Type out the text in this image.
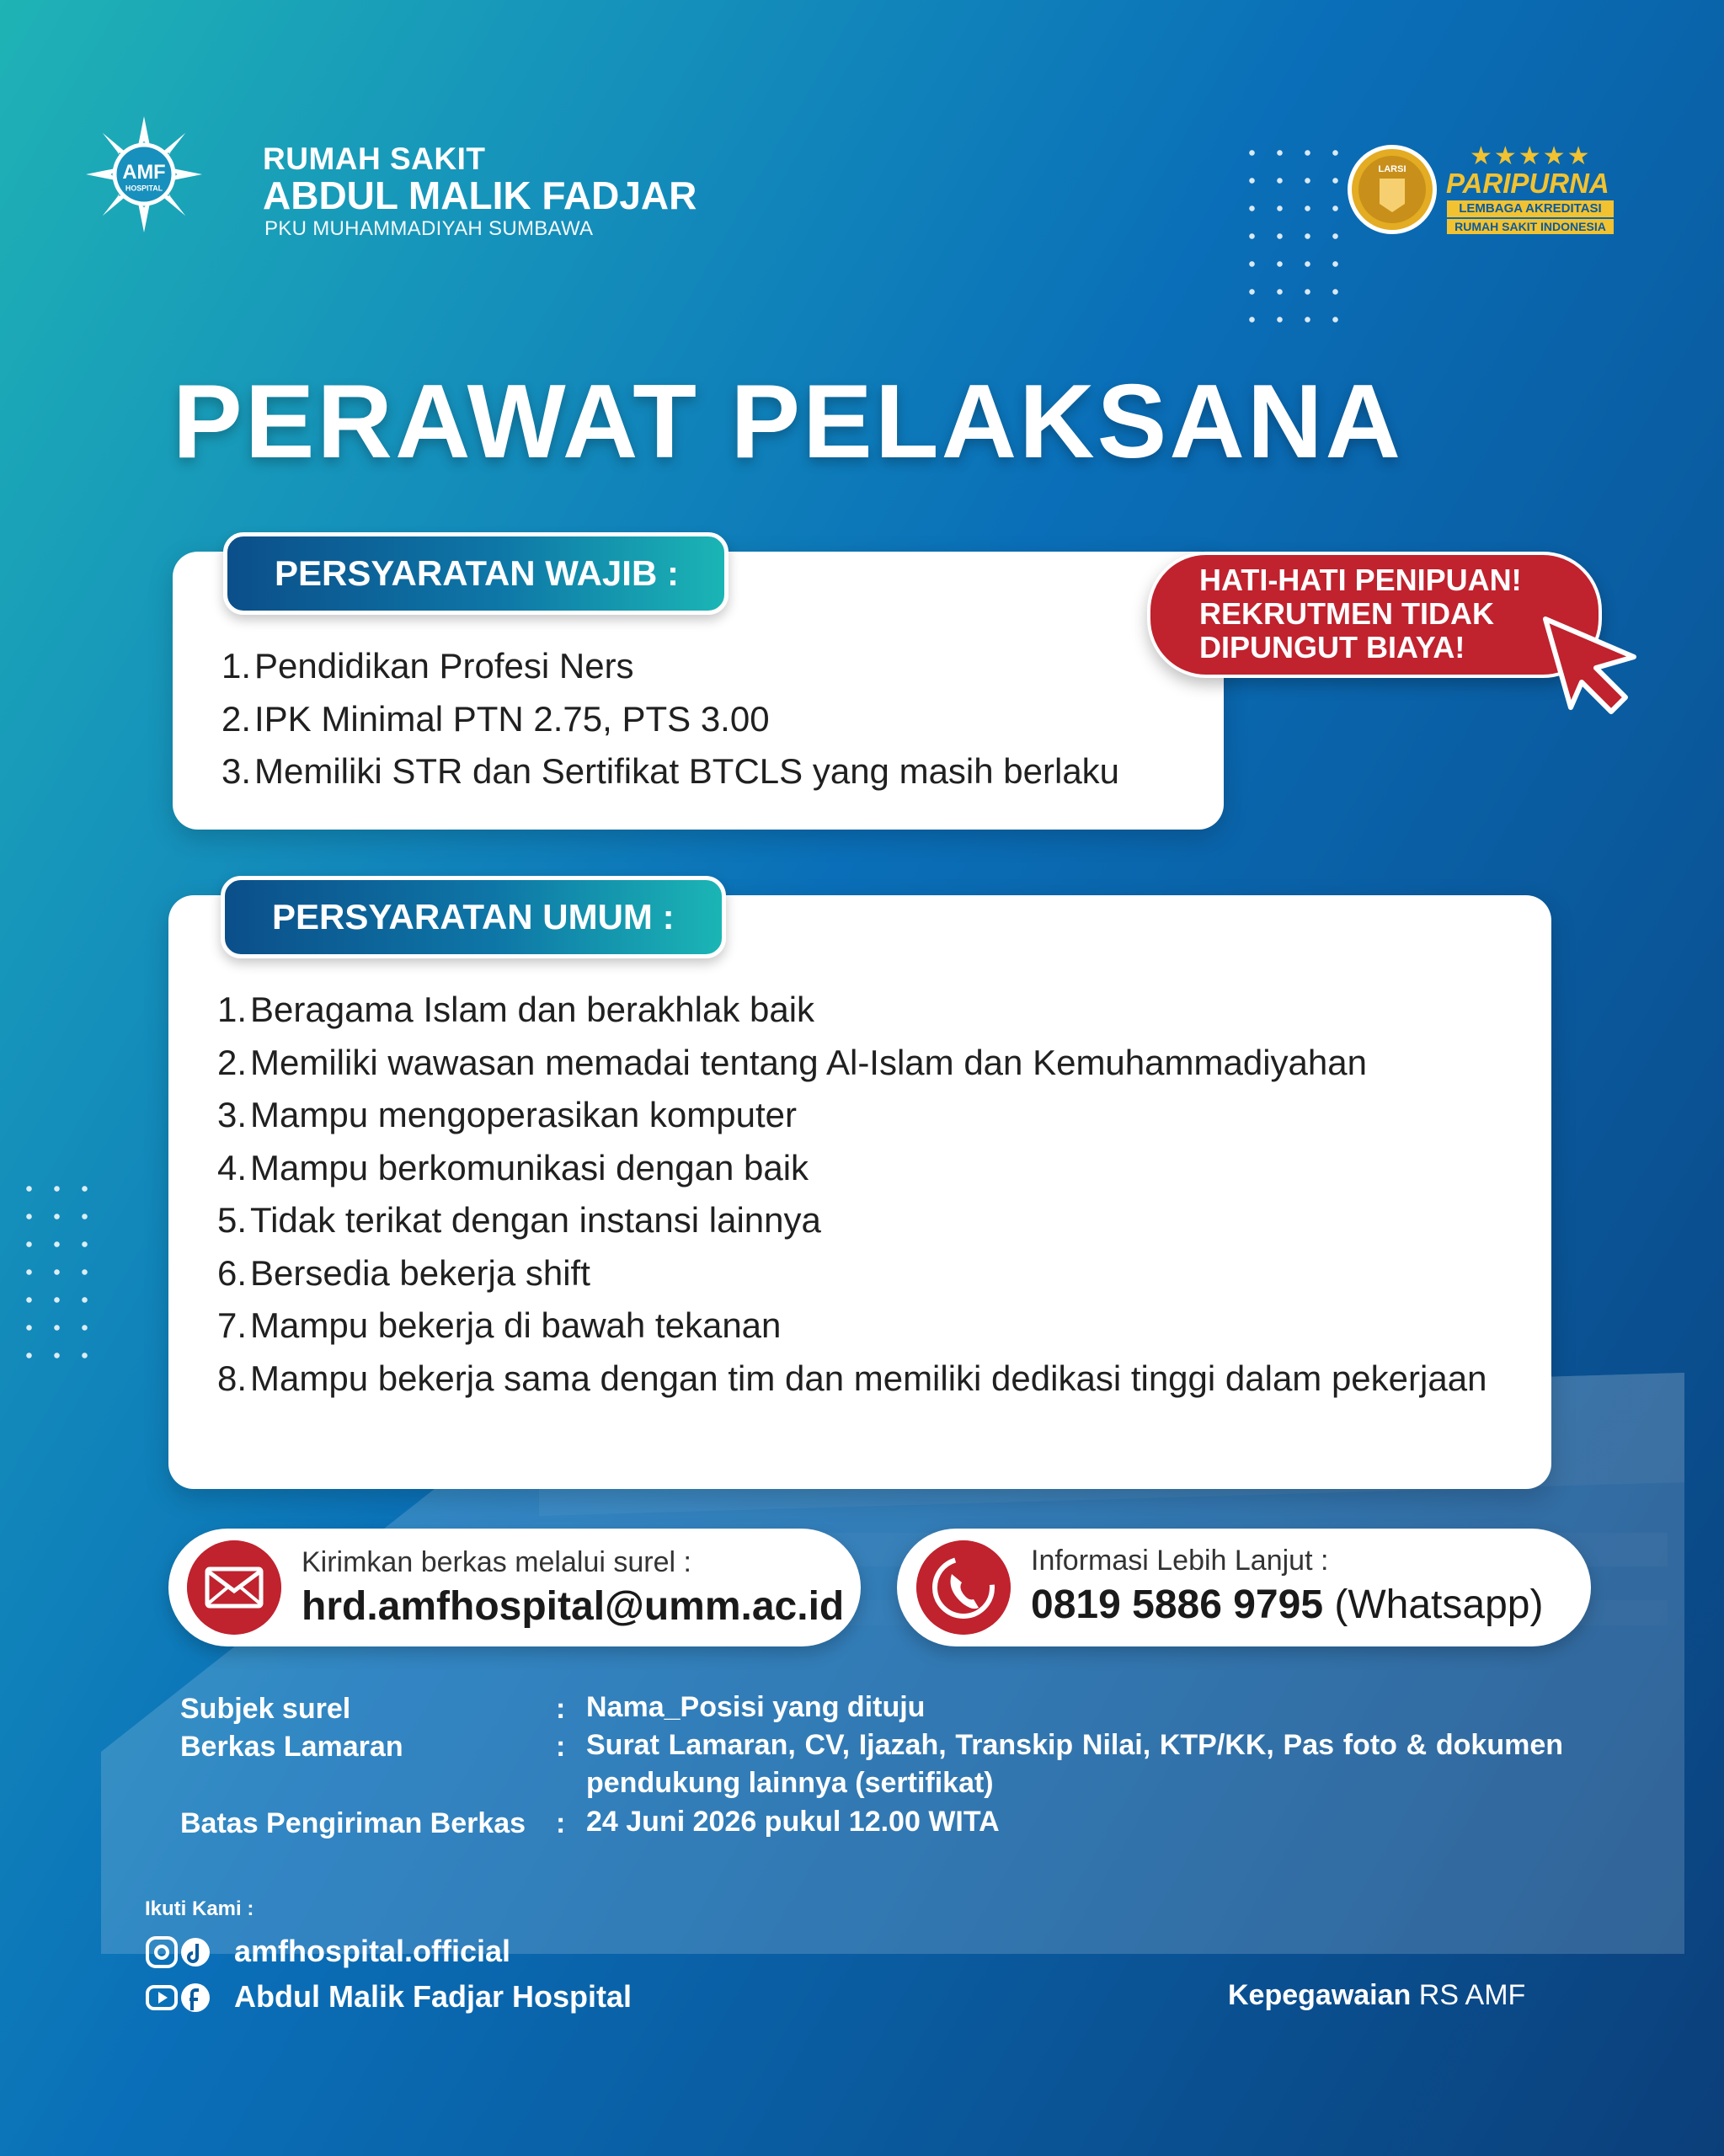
AMF
HOSPITAL
RUMAH SAKIT
ABDUL MALIK FADJAR
PKU MUHAMMADIYAH SUMBAWA
LARSI	★★★★★
PARIPURNA
LEMBAGA AKREDITASI
RUMAH SAKIT INDONESIA
PERAWAT PELAKSANA
PERSYARATAN WAJIB :
1. Pendidikan Profesi Ners
2. IPK Minimal PTN 2.75, PTS 3.00
3. Memiliki STR dan Sertifikat BTCLS yang masih berlaku
HATI-HATI PENIPUAN!
REKRUTMEN TIDAK
DIPUNGUT BIAYA!
PERSYARATAN UMUM :
1. Beragama Islam dan berakhlak baik
2. Memiliki wawasan memadai tentang Al-Islam dan Kemuhammadiyahan
3. Mampu mengoperasikan komputer
4. Mampu berkomunikasi dengan baik
5. Tidak terikat dengan instansi lainnya
6. Bersedia bekerja shift
7. Mampu bekerja di bawah tekanan
8. Mampu bekerja sama dengan tim dan memiliki dedikasi tinggi dalam pekerjaan
Kirimkan berkas melalui surel :
hrd.amfhospital@umm.ac.id
Informasi Lebih Lanjut :
0819 5886 9795 (Whatsapp)
Subjek surel	: Nama_Posisi yang dituju
Berkas Lamaran	: Surat Lamaran, CV, Ijazah, Transkip Nilai, KTP/KK, Pas foto & dokumen pendukung lainnya (sertifikat)
Batas Pengiriman Berkas : 24 Juni 2026 pukul 12.00 WITA
Ikuti Kami :
amfhospital.official
Abdul Malik Fadjar Hospital	Kepegawaian RS AMF
